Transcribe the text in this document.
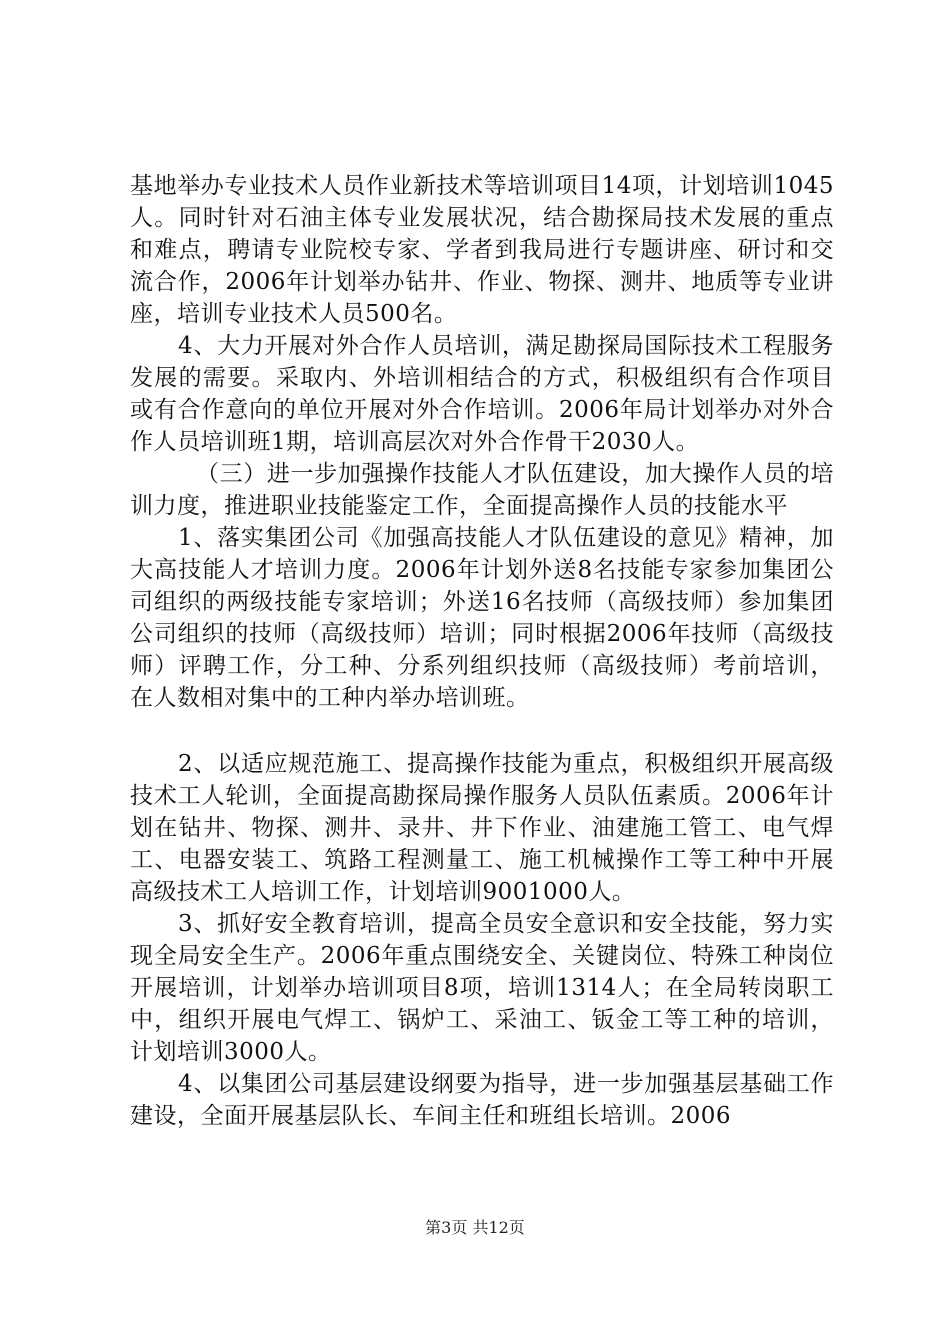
基地举办专业技术人员作业新技术等培训项目14项，计划培训1045人。同时针对石油主体专业发展状况，结合勘探局技术发展的重点和难点，聘请专业院校专家、学者到我局进行专题讲座、研讨和交流合作，2006年计划举办钻井、作业、物探、测井、地质等专业讲座，培训专业技术人员500名。

4、大力开展对外合作人员培训，满足勘探局国际技术工程服务发展的需要。采取内、外培训相结合的方式，积极组织有合作项目或有合作意向的单位开展对外合作培训。2006年局计划举办对外合作人员培训班1期，培训高层次对外合作骨干2030人。

（三）进一步加强操作技能人才队伍建设，加大操作人员的培训力度，推进职业技能鉴定工作，全面提高操作人员的技能水平

1、落实集团公司《加强高技能人才队伍建设的意见》精神，加大高技能人才培训力度。2006年计划外送8名技能专家参加集团公司组织的两级技能专家培训；外送16名技师（高级技师）参加集团公司组织的技师（高级技师）培训；同时根据2006年技师（高级技师）评聘工作，分工种、分系列组织技师（高级技师）考前培训，在人数相对集中的工种内举办培训班。

2、以适应规范施工、提高操作技能为重点，积极组织开展高级技术工人轮训，全面提高勘探局操作服务人员队伍素质。2006年计划在钻井、物探、测井、录井、井下作业、油建施工管工、电气焊工、电器安装工、筑路工程测量工、施工机械操作工等工种中开展高级技术工人培训工作，计划培训9001000人。

3、抓好安全教育培训，提高全员安全意识和安全技能，努力实现全局安全生产。2006年重点围绕安全、关键岗位、特殊工种岗位开展培训，计划举办培训项目8项，培训1314人；在全局转岗职工中，组织开展电气焊工、锅炉工、采油工、钣金工等工种的培训，计划培训3000人。

4、以集团公司基层建设纲要为指导，进一步加强基层基础工作建设，全面开展基层队长、车间主任和班组长培训。2006

第3页 共12页
